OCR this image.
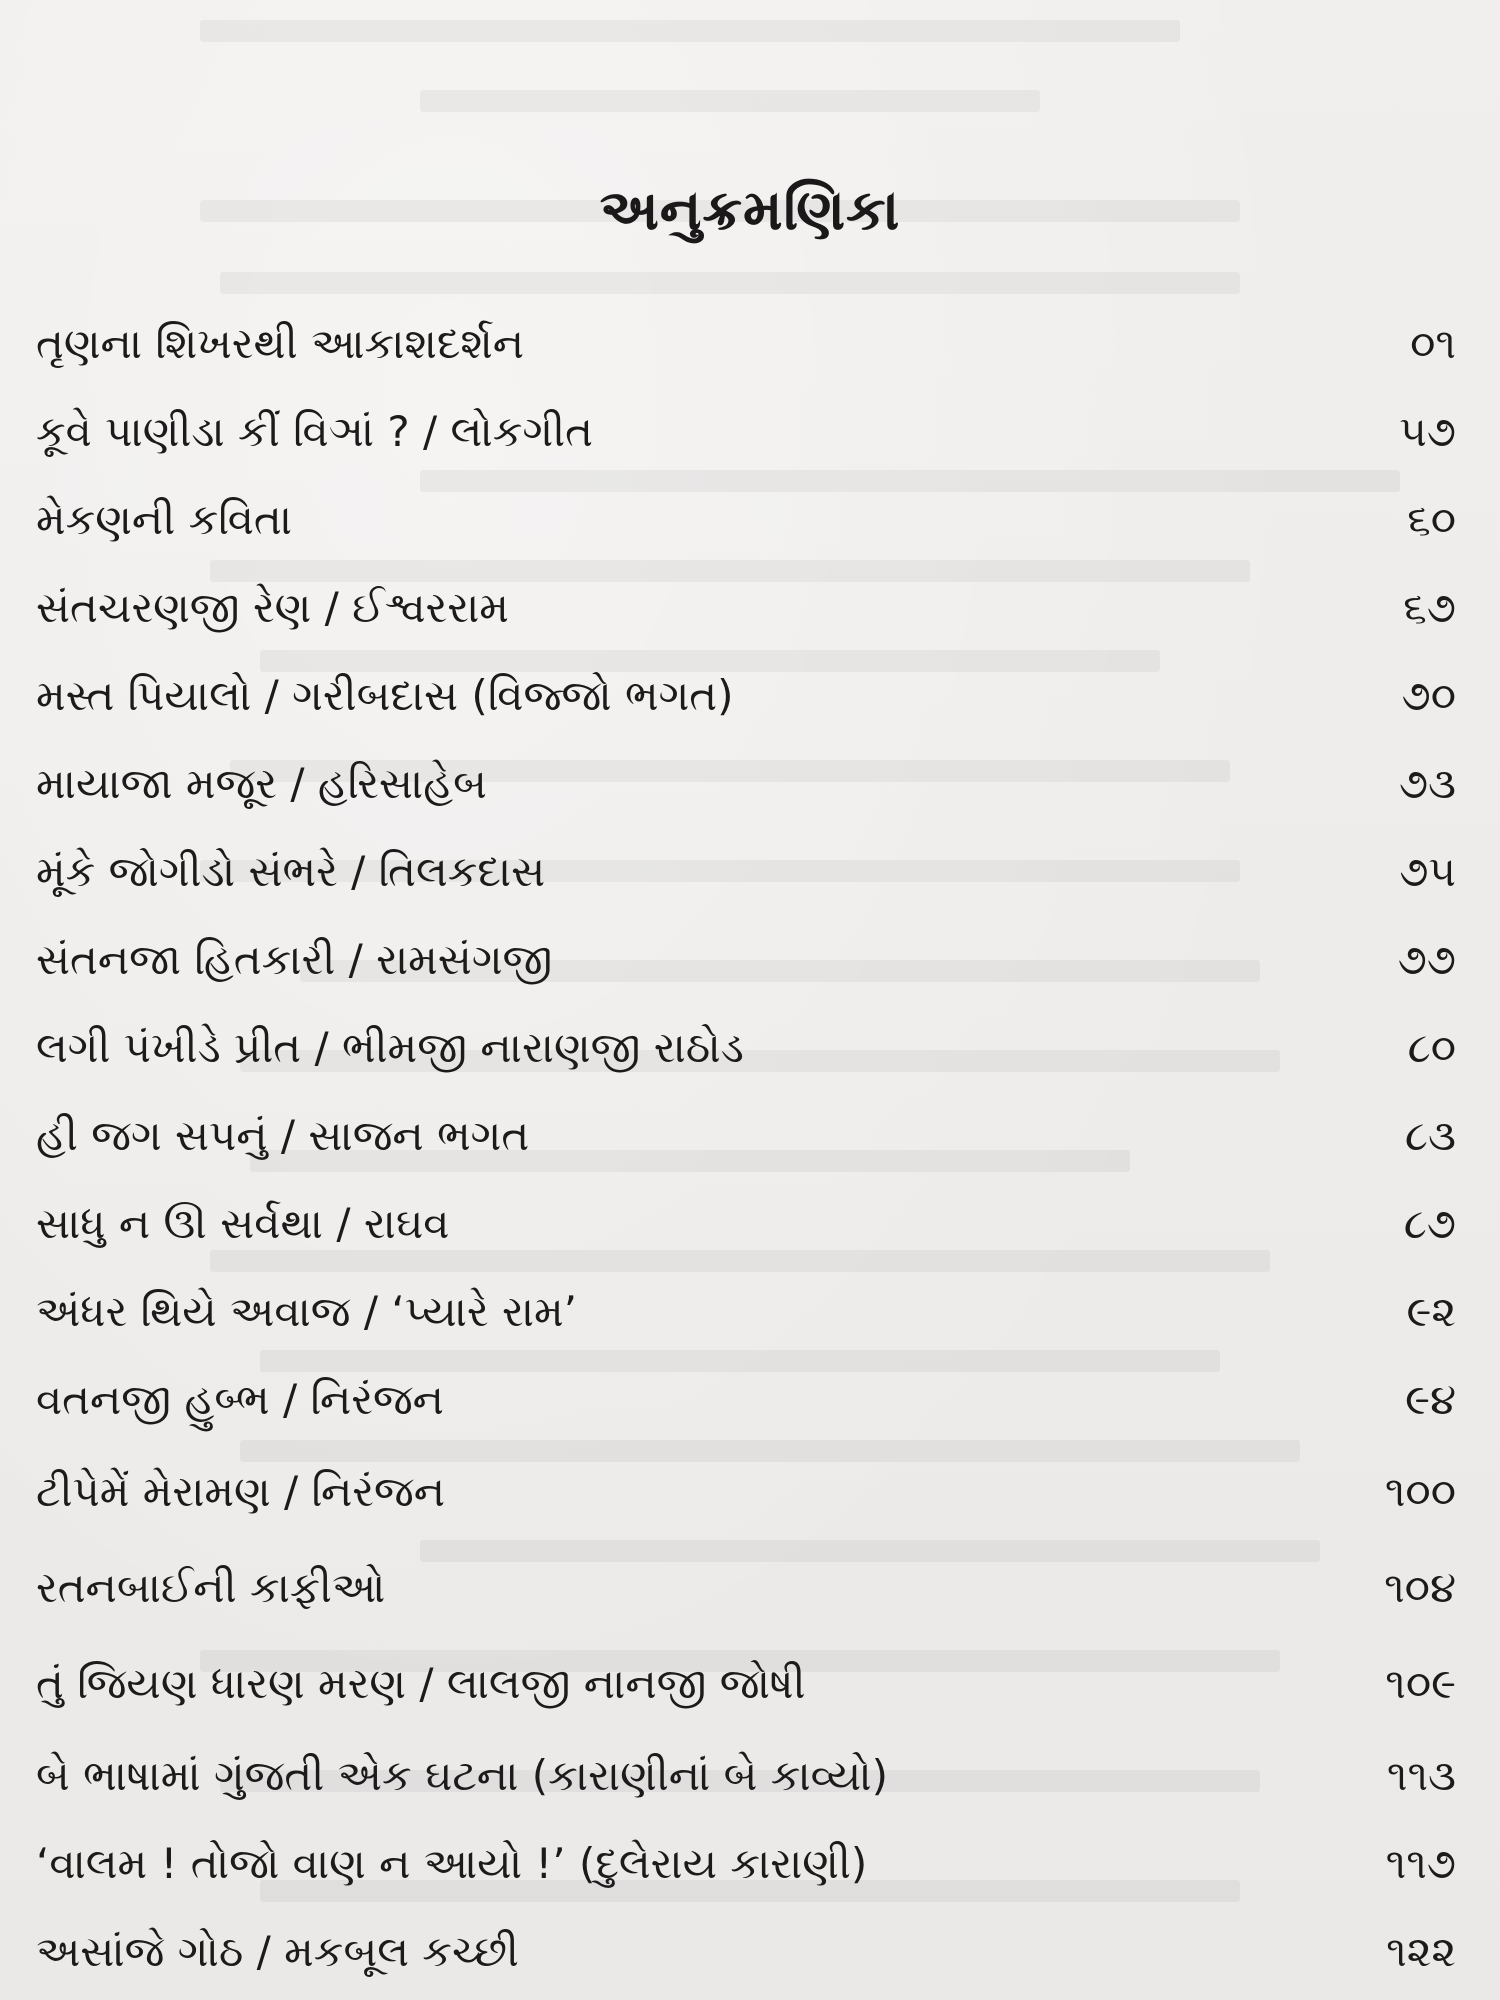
અનુક્રમણિકા
તૃણના શિખરથી આકાશદર્શન	૦૧
કૂવે પાણીડા કીં વિઞાં ? / લોકગીત	૫૭
મેકણની કવિતા	૬૦
સંતચરણજી રેણ / ઈશ્વરરામ	૬૭
મસ્ત પિયાલો / ગરીબદાસ (વિજ્જો ભગત)	૭૦
માયાજા મજૂર / હરિસાહેબ	૭૩
મૂંકે જોગીડો સંભરે / તિલકદાસ	૭૫
સંતનજા હિતકારી / રામસંગજી	૭૭
લગી પંખીડે પ્રીત / ભીમજી નારાણજી રાઠોડ	૮૦
હી જગ સપનું / સાજન ભગત	૮૩
સાધુ ન ઊ સર્વથા / રાઘવ	૮૭
અંધર થિયે અવાજ / ‘પ્યારે રામ’	૯૨
વતનજી હુબ્ભ / નિરંજન	૯૪
ટીપેમેં મેરામણ / નિરંજન	૧૦૦
રતનબાઈની કાફીઓ	૧૦૪
તું જિયણ ધારણ મરણ / લાલજી નાનજી જોષી	૧૦૯
બે ભાષામાં ગુંજતી એક ઘટના (કારાણીનાં બે કાવ્યો)	૧૧૩
‘વાલમ ! તોજો વાણ ન આયો !’ (દુલેરાય કારાણી)	૧૧૭
અસાંજે ગોઠ / મકબૂલ કચ્છી	૧૨૨
